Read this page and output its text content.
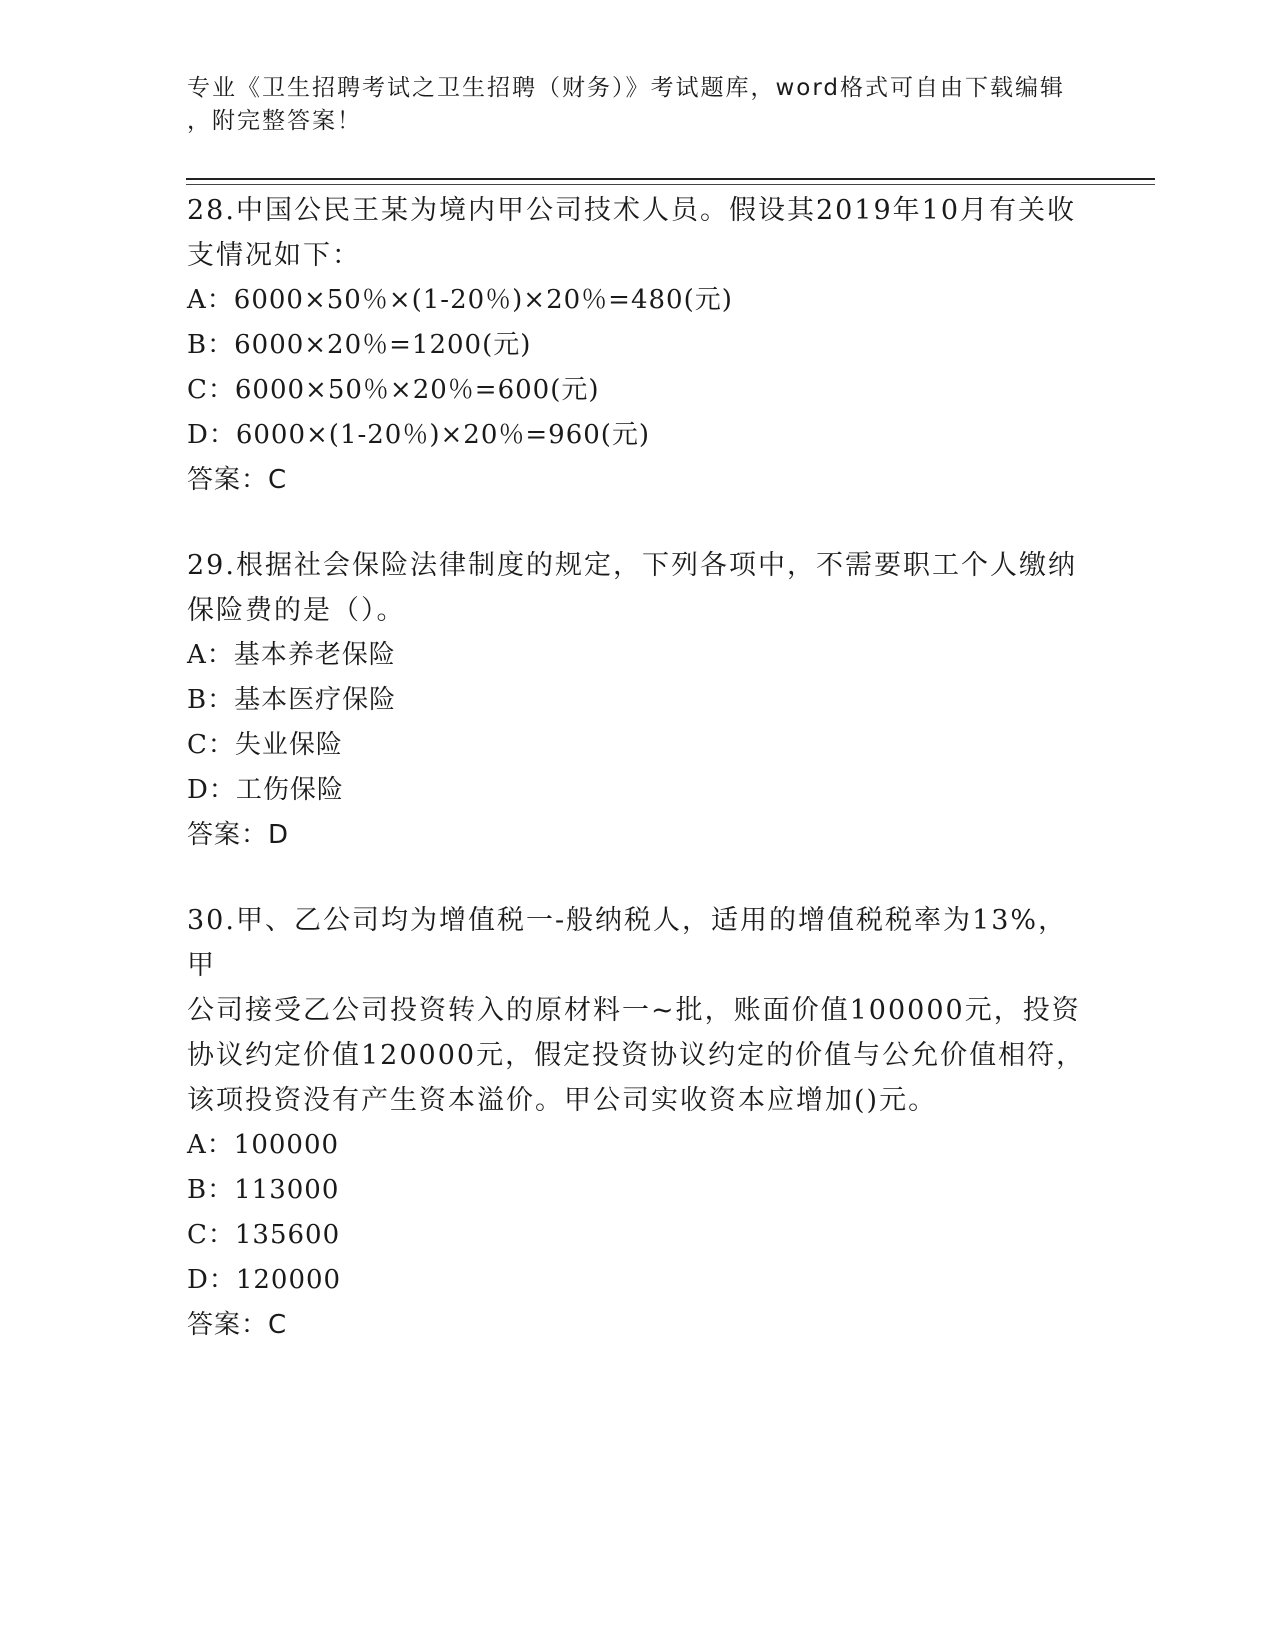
专业《卫生招聘考试之卫生招聘（财务）》考试题库，word格式可自由下载编辑
，附完整答案！

28.中国公民王某为境内甲公司技术人员。假设其2019年10月有关收

支情况如下：

A：6000×50％×(1-20％)×20％=480(元)

B：6000×20％=1200(元)

C：6000×50％×20％=600(元)

D：6000×(1-20％)×20％=960(元)

答案：C

29.根据社会保险法律制度的规定，下列各项中，不需要职工个人缴纳

保险费的是（）。

A：基本养老保险

B：基本医疗保险

C：失业保险

D：工伤保险

答案：D

30.甲、乙公司均为增值税一-般纳税人，适用的增值税税率为13%，甲

公司接受乙公司投资转入的原材料一~批，账面价值100000元，投资

协议约定价值120000元，假定投资协议约定的价值与公允价值相符，

该项投资没有产生资本溢价。甲公司实收资本应增加()元。

A：100000

B：113000

C：135600

D：120000

答案：C
